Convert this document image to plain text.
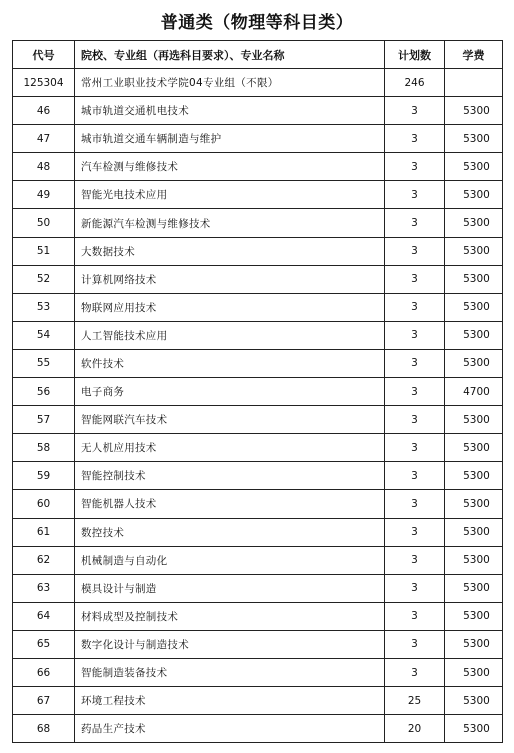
普通类（物理等科目类）
代号	院校、专业组（再选科目要求）、专业名称	计划数	学费
125304	常州工业职业技术学院04专业组（不限）	246	
46	城市轨道交通机电技术	3	5300
47	城市轨道交通车辆制造与维护	3	5300
48	汽车检测与维修技术	3	5300
49	智能光电技术应用	3	5300
50	新能源汽车检测与维修技术	3	5300
51	大数据技术	3	5300
52	计算机网络技术	3	5300
53	物联网应用技术	3	5300
54	人工智能技术应用	3	5300
55	软件技术	3	5300
56	电子商务	3	4700
57	智能网联汽车技术	3	5300
58	无人机应用技术	3	5300
59	智能控制技术	3	5300
60	智能机器人技术	3	5300
61	数控技术	3	5300
62	机械制造与自动化	3	5300
63	模具设计与制造	3	5300
64	材料成型及控制技术	3	5300
65	数字化设计与制造技术	3	5300
66	智能制造装备技术	3	5300
67	环境工程技术	25	5300
68	药品生产技术	20	5300
